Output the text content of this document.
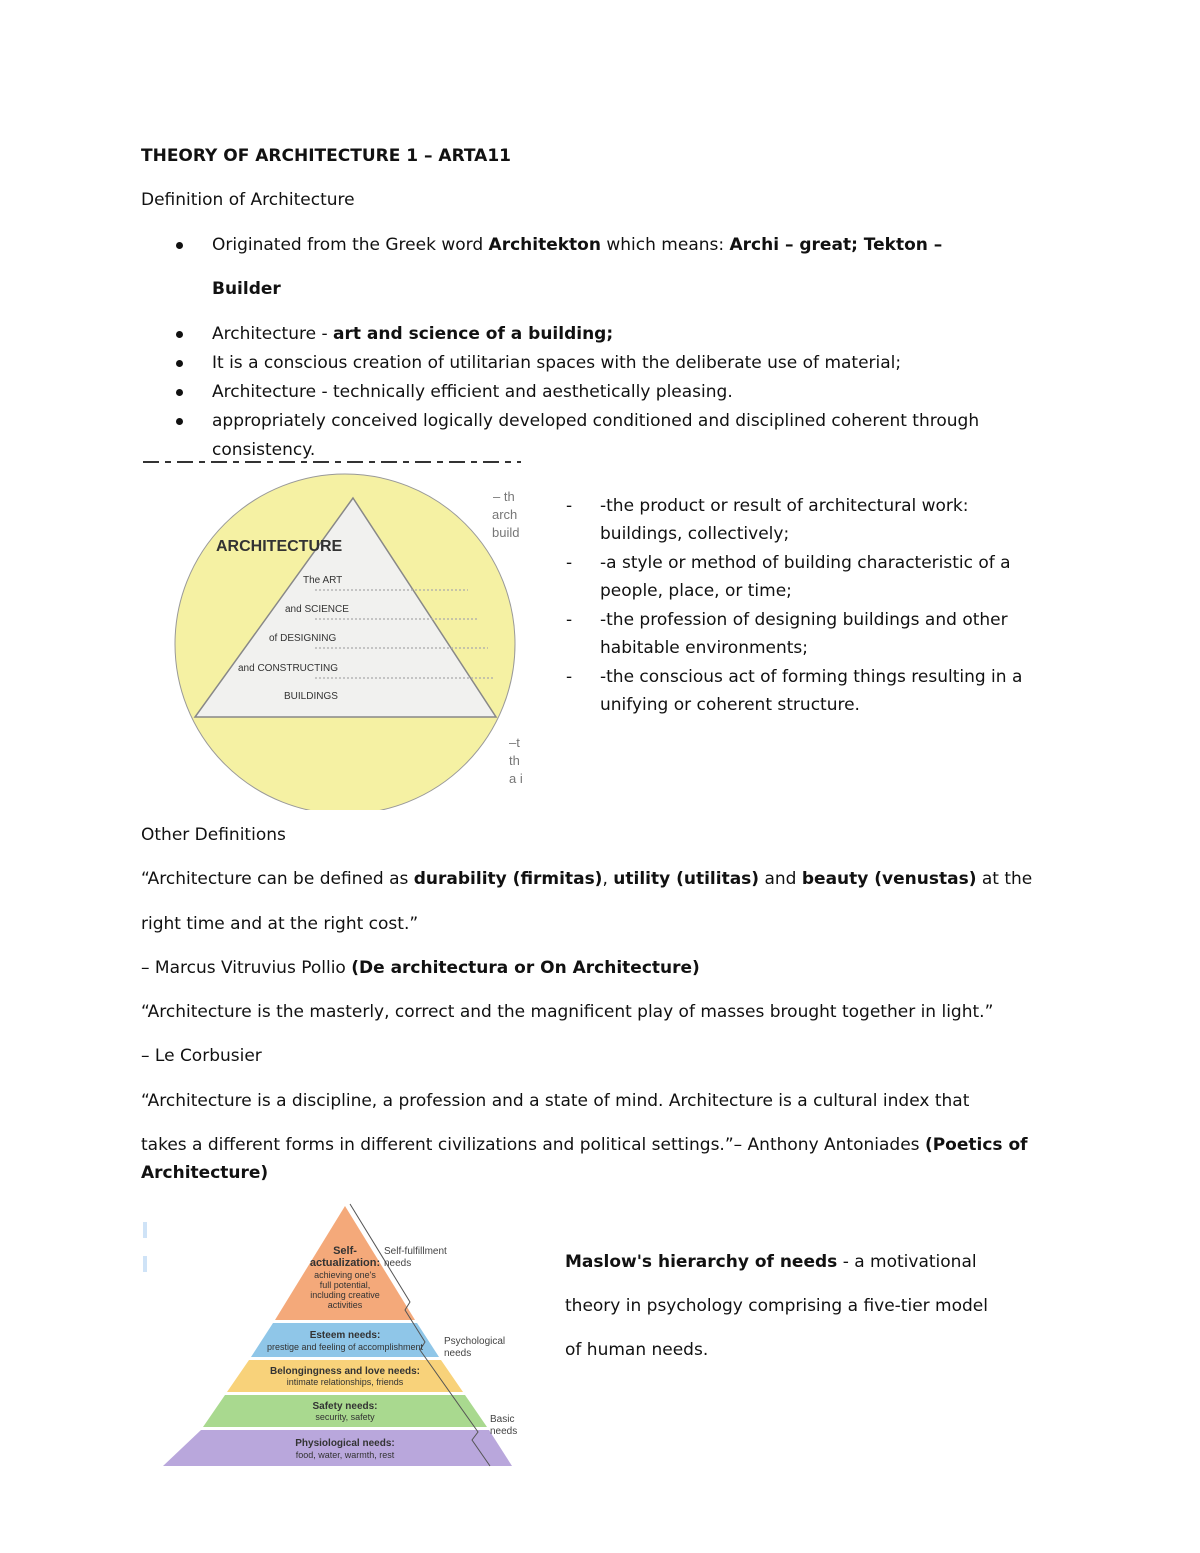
THEORY OF ARCHITECTURE 1 – ARTA11
Definition of Architecture
Originated from the Greek word Architekton which means: Archi – great; Tekton –
Builder
Architecture - art and science of a building;
It is a conscious creation of utilitarian spaces with the deliberate use of material;
Architecture - technically efficient and aesthetically pleasing.
appropriately conceived logically developed conditioned and disciplined coherent through
consistency.
ARCHITECTURE
The ART
and SCIENCE
of DESIGNING
and CONSTRUCTING
BUILDINGS
– th
arch
build
–t
th
a i
- -the product or result of architectural work:
buildings, collectively;
- -a style or method of building characteristic of a
people, place, or time;
- -the profession of designing buildings and other
habitable environments;
- -the conscious act of forming things resulting in a
unifying or coherent structure.
Other Definitions
“Architecture can be defined as durability (firmitas), utility (utilitas) and beauty (venustas) at the
right time and at the right cost.”
– Marcus Vitruvius Pollio (De architectura or On Architecture)
“Architecture is the masterly, correct and the magnificent play of masses brought together in light.”
– Le Corbusier
“Architecture is a discipline, a profession and a state of mind. Architecture is a cultural index that
takes a different forms in different civilizations and political settings.”– Anthony Antoniades (Poetics of
Architecture)
Self-
actualization:
achieving one's
full potential,
including creative
activities
Esteem needs:
prestige and feeling of accomplishment
Belongingness and love needs:
intimate relationships, friends
Safety needs:
security, safety
Physiological needs:
food, water, warmth, rest
Self-fulfillment
needs
Psychological
needs
Basic
needs
Maslow's hierarchy of needs - a motivational
theory in psychology comprising a five-tier model
of human needs.
